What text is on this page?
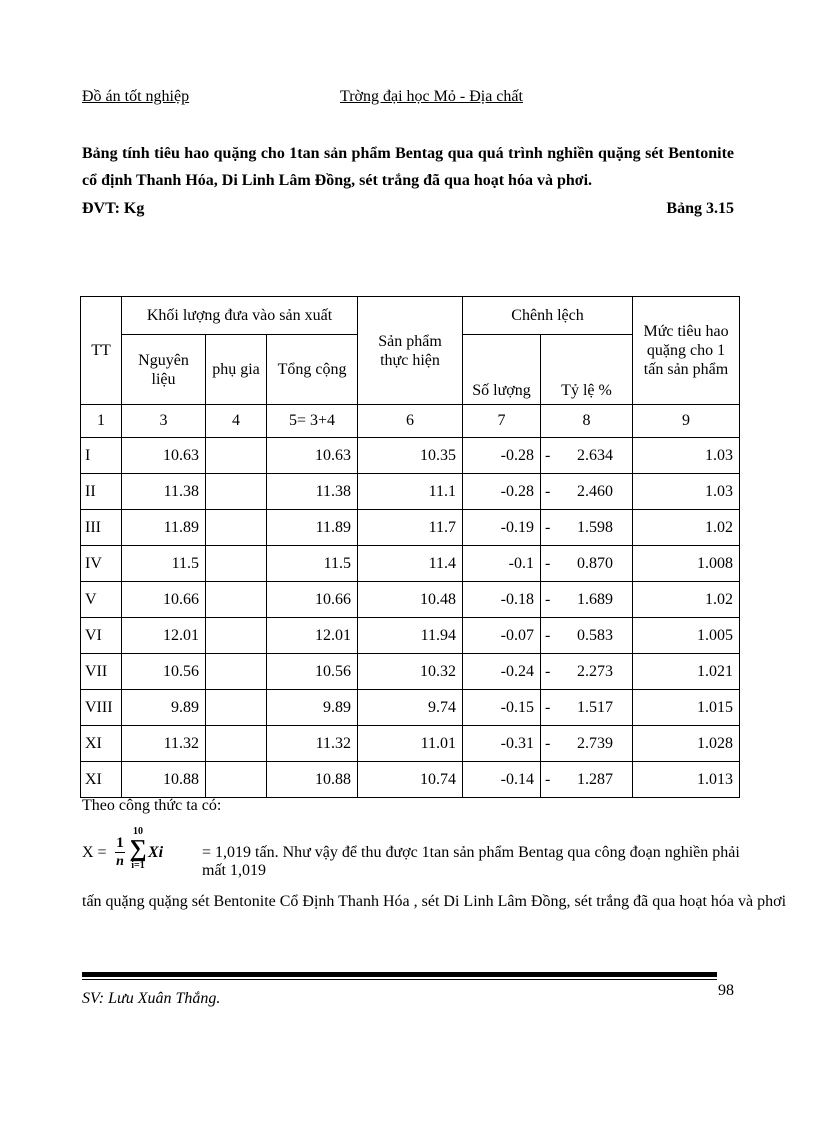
Đồ án tốt nghiệp	Trờng đại học Mỏ - Địa chất
Bảng tính tiêu hao quặng cho 1tan sản phẩm Bentag qua quá trình nghiền quặng sét Bentonite cổ định Thanh Hóa, Di Linh Lâm Đồng, sét trắng đã qua hoạt hóa và phơi.
ĐVT: Kg	Bảng 3.15
TT	Khối lượng đưa vào sản xuất			Sản phẩm thực hiện	Chênh lệch		Mức tiêu hao quặng cho 1 tấn sản phẩm
	Nguyên liệu	phụ gia	Tổng cộng		Số lượng	Tỷ lệ %	
1	3	4	5= 3+4	6	7	8	9
I	10.63		10.63	10.35	-0.28	- 2.634	1.03
II	11.38		11.38	11.1	-0.28	- 2.460	1.03
III	11.89		11.89	11.7	-0.19	- 1.598	1.02
IV	11.5		11.5	11.4	-0.1	- 0.870	1.008
V	10.66		10.66	10.48	-0.18	- 1.689	1.02
VI	12.01		12.01	11.94	-0.07	- 0.583	1.005
VII	10.56		10.56	10.32	-0.24	- 2.273	1.021
VIII	9.89		9.89	9.74	-0.15	- 1.517	1.015
XI	11.32		11.32	11.01	-0.31	- 2.739	1.028
XI	10.88		10.88	10.74	-0.14	- 1.287	1.013
Theo công thức ta có:
X =
1
n
10
∑
i=1
Xi = 1,019 tấn. Như vậy để thu được 1tan sản phẩm Bentag qua công đoạn nghiền phải mất 1,019
tấn quặng quặng sét Bentonite Cổ Định Thanh Hóa , sét Di Linh Lâm Đồng, sét trắng đã qua hoạt hóa và phơi
SV: Lưu Xuân Thắng.	98
